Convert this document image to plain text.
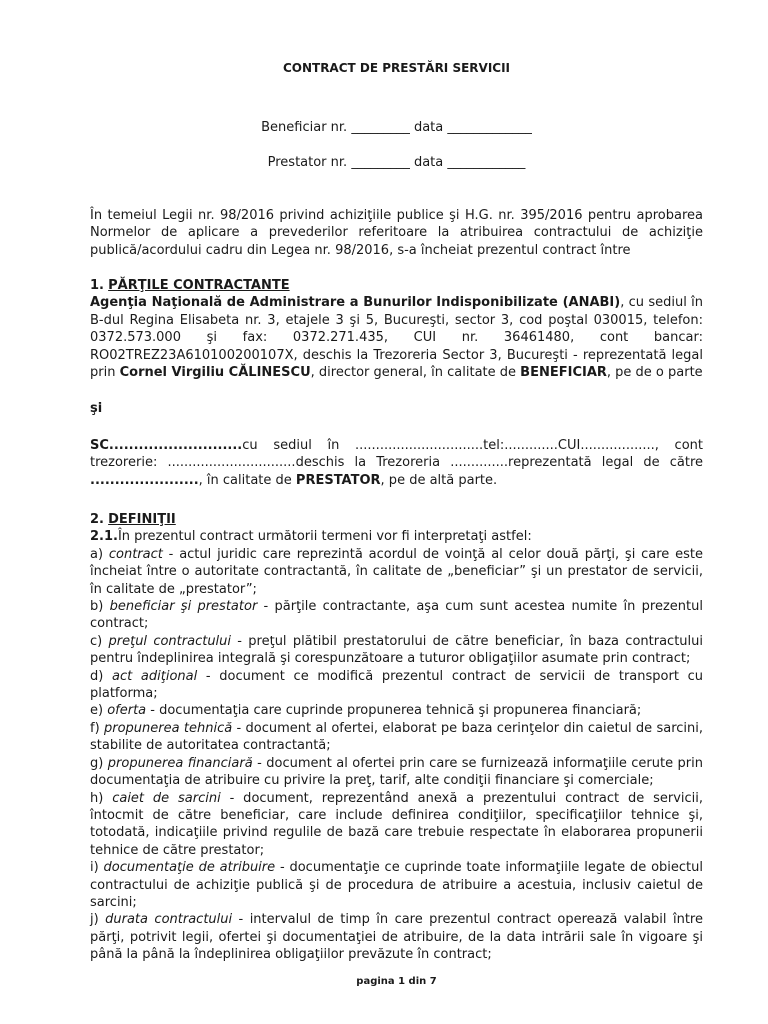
CONTRACT DE PRESTĂRI SERVICII
Beneficiar nr. _________ data _____________
Prestator nr. _________ data ____________

În temeiul Legii nr. 98/2016 privind achiziţiile publice şi H.G. nr. 395/2016 pentru aprobarea Normelor de aplicare a prevederilor referitoare la atribuirea contractului de achiziţie publică/acordului cadru din Legea nr. 98/2016, s-a încheiat prezentul contract între

1. PĂRŢILE CONTRACTANTE

Agenţia Naţională de Administrare a Bunurilor Indisponibilizate (ANABI), cu sediul în B-dul Regina Elisabeta nr. 3, etajele 3 şi 5, Bucureşti, sector 3, cod poştal 030015, telefon: 0372.573.000 şi fax: 0372.271.435, CUI nr. 36461480, cont bancar: RO02TREZ23A610100200107X, deschis la Trezoreria Sector 3, Bucureşti - reprezentată legal prin Cornel Virgiliu CĂLINESCU, director general, în calitate de BENEFICIAR, pe de o parte

şi

SC...........................cu sediul în ...............................tel:.............CUI.................., cont trezorerie: ...............................deschis la Trezoreria ..............reprezentată legal de către ......................, în calitate de PRESTATOR, pe de altă parte.

2. DEFINIŢII

2.1.În prezentul contract următorii termeni vor fi interpretaţi astfel:

a) contract - actul juridic care reprezintă acordul de voinţă al celor două părţi, şi care este încheiat între o autoritate contractantă, în calitate de „beneficiar” şi un prestator de servicii, în calitate de „prestator”;

b) beneficiar şi prestator - părţile contractante, aşa cum sunt acestea numite în prezentul contract;

c) preţul contractului - preţul plătibil prestatorului de către beneficiar, în baza contractului pentru îndeplinirea integrală şi corespunzătoare a tuturor obligaţiilor asumate prin contract;

d) act adiţional - document ce modifică prezentul contract de servicii de transport cu platforma;

e) oferta - documentaţia care cuprinde propunerea tehnică şi propunerea financiară;

f) propunerea tehnică - document al ofertei, elaborat pe baza cerinţelor din caietul de sarcini, stabilite de autoritatea contractantă;

g) propunerea financiară - document al ofertei prin care se furnizează informaţiile cerute prin documentaţia de atribuire cu privire la preţ, tarif, alte condiţii financiare şi comerciale;

h) caiet de sarcini - document, reprezentând anexă a prezentului contract de servicii, întocmit de către beneficiar, care include definirea condiţiilor, specificaţiilor tehnice şi, totodată, indicaţiile privind regulile de bază care trebuie respectate în elaborarea propunerii tehnice de către prestator;

i) documentaţie de atribuire - documentaţie ce cuprinde toate informaţiile legate de obiectul contractului de achiziţie publică şi de procedura de atribuire a acestuia, inclusiv caietul de sarcini;

j) durata contractului - intervalul de timp în care prezentul contract operează valabil între părţi, potrivit legii, ofertei şi documentaţiei de atribuire, de la data intrării sale în vigoare şi până la până la îndeplinirea obligaţiilor prevăzute în contract;

pagina 1 din 7
